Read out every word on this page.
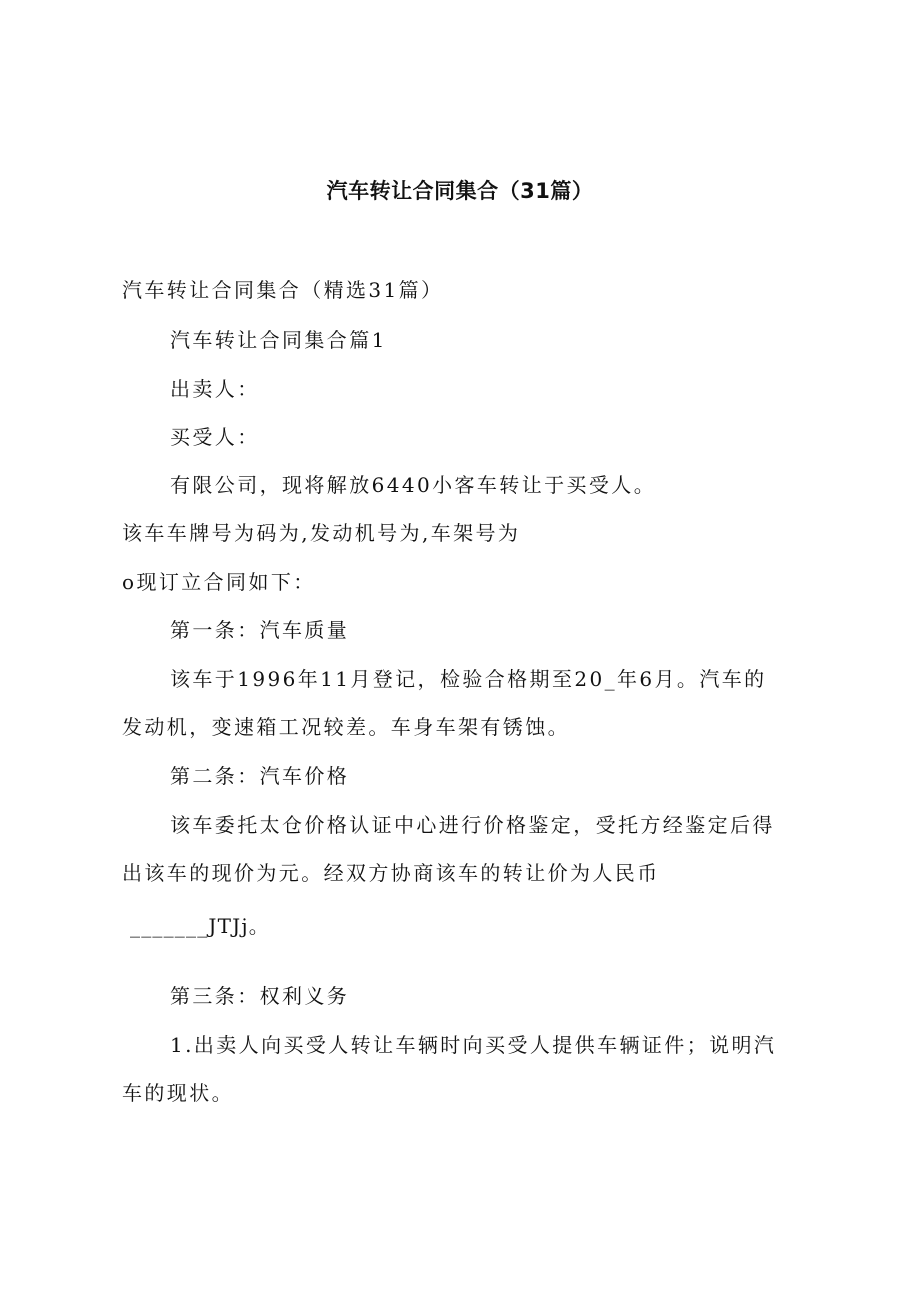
汽车转让合同集合（31篇）

汽车转让合同集合（精选31篇）

汽车转让合同集合篇1

出卖人：

买受人：

有限公司，现将解放6440小客车转让于买受人。

该车车牌号为码为,发动机号为,车架号为

o现订立合同如下：

第一条：汽车质量

该车于1996年11月登记，检验合格期至20_年6月。汽车的

发动机，变速箱工况较差。车身车架有锈蚀。

第二条：汽车价格

该车委托太仓价格认证中心进行价格鉴定，受托方经鉴定后得

出该车的现价为元。经双方协商该车的转让价为人民币

_______JTJj。

第三条：权利义务

1.出卖人向买受人转让车辆时向买受人提供车辆证件；说明汽

车的现状。
